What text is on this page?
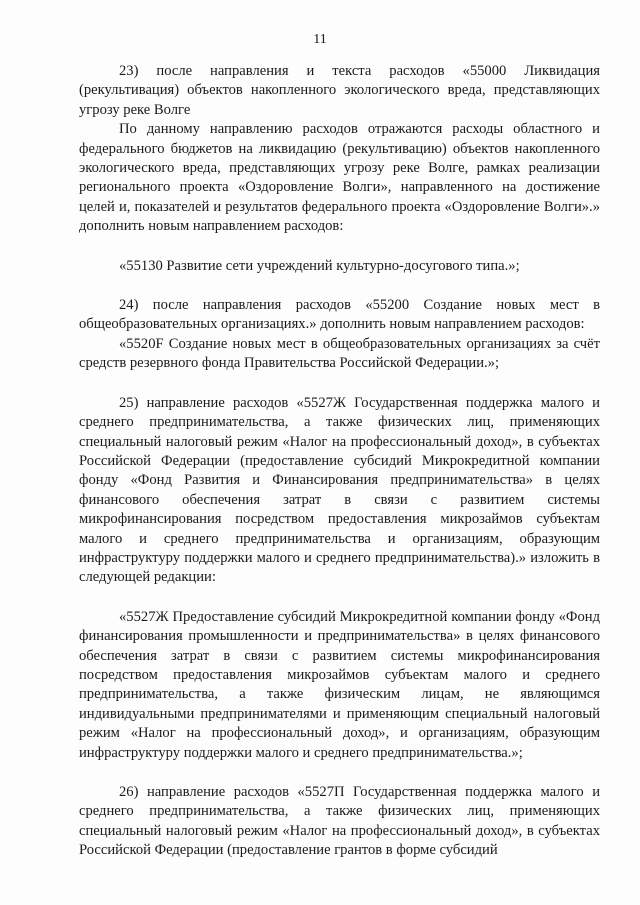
11

23) после направления и текста расходов «55000 Ликвидация (рекультивация) объектов накопленного экологического вреда, представляющих угрозу реке Волге

По данному направлению расходов отражаются расходы областного и федерального бюджетов на ликвидацию (рекультивацию) объектов накопленного экологического вреда, представляющих угрозу реке Волге, рамках реализации регионального проекта «Оздоровление Волги», направленного на достижение целей и, показателей и результатов федерального проекта «Оздоровление Волги».» дополнить новым направлением расходов:

«55130 Развитие сети учреждений культурно-досугового типа.»;

24) после направления расходов «55200 Создание новых мест в общеобразовательных организациях.» дополнить новым направлением расходов:

«5520F Создание новых мест в общеобразовательных организациях за счёт средств резервного фонда Правительства Российской Федерации.»;

25) направление расходов «5527Ж Государственная поддержка малого и среднего предпринимательства, а также физических лиц, применяющих специальный налоговый режим «Налог на профессиональный доход», в субъектах Российской Федерации (предоставление субсидий Микрокредитной компании фонду «Фонд Развития и Финансирования предпринимательства» в целях финансового обеспечения затрат в связи с развитием системы микрофинансирования посредством предоставления микрозаймов субъектам малого и среднего предпринимательства и организациям, образующим инфраструктуру поддержки малого и среднего предпринимательства).» изложить в следующей редакции:

«5527Ж Предоставление субсидий Микрокредитной компании фонду «Фонд финансирования промышленности и предпринимательства» в целях финансового обеспечения затрат в связи с развитием системы микрофинансирования посредством предоставления микрозаймов субъектам малого и среднего предпринимательства, а также физическим лицам, не являющимся индивидуальными предпринимателями и применяющим специальный налоговый режим «Налог на профессиональный доход», и организациям, образующим инфраструктуру поддержки малого и среднего предпринимательства.»;

26) направление расходов «5527П Государственная поддержка малого и среднего предпринимательства, а также физических лиц, применяющих специальный налоговый режим «Налог на профессиональный доход», в субъектах Российской Федерации (предоставление грантов в форме субсидий
